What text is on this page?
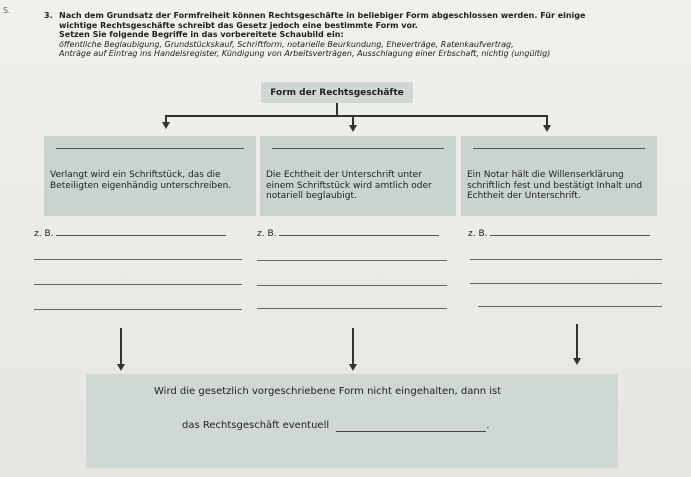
S.
3. Nach dem Grundsatz der Formfreiheit können Rechtsgeschäfte in beliebiger Form abgeschlossen werden. Für einige
wichtige Rechtsgeschäfte schreibt das Gesetz jedoch eine bestimmte Form vor.
Setzen Sie folgende Begriffe in das vorbereitete Schaubild ein:
öffentliche Beglaubigung, Grundstückskauf, Schriftform, notarielle Beurkundung, Eheverträge, Ratenkaufvertrag,
Anträge auf Eintrag ins Handelsregister, Kündigung von Arbeitsverträgen, Ausschlagung einer Erbschaft, nichtig (ungültig)
Form der Rechtsgeschäfte
Verlangt wird ein Schriftstück, das die Beteiligten eigenhändig unterschreiben.
Die Echtheit der Unterschrift unter einem Schriftstück wird amtlich oder notariell beglaubigt.
Ein Notar hält die Willenserklärung schriftlich fest und bestätigt Inhalt und Echtheit der Unterschrift.
z. B.	z. B.	z. B.
Wird die gesetzlich vorgeschriebene Form nicht eingehalten, dann ist
das Rechtsgeschäft eventuell	.
